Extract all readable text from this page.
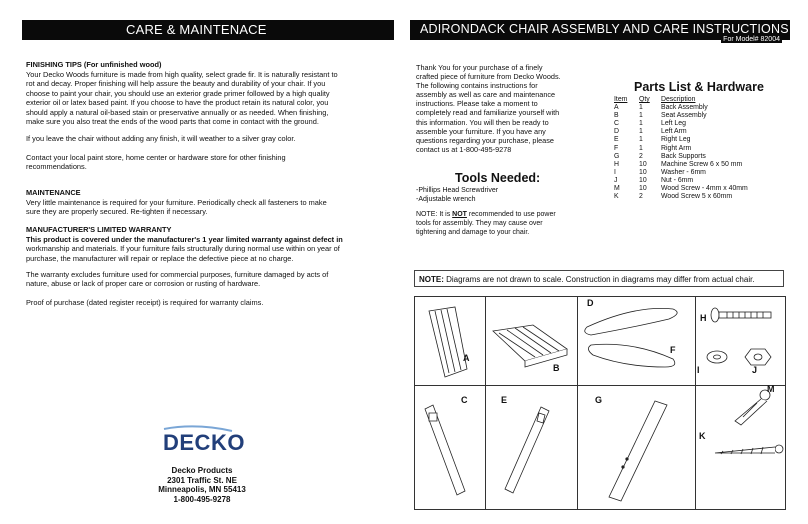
CARE & MAINTENACE	ADIRONDACK CHAIR ASSEMBLY AND CARE INSTRUCTIONS
For Model# 82004
FINISHING TIPS (For unfinished wood)
Your Decko Woods furniture is made from high quality, select grade fir. It is naturally resistant to
rot and decay. Proper finishing will help assure the beauty and durability of your chair. If you
choose to paint your chair, you should use an exterior grade primer followed by a high quality
exterior oil or latex based paint. If you choose to have the product retain its natural color, you
should apply a natural oil-based stain or preservative annually or as needed. When finishing,
make sure you also treat the ends of the wood parts that come in contact with the ground.
If you leave the chair without adding any finish, it will weather to a silver gray color.
Contact your local paint store, home center or hardware store for other finishing
recommendations.
MAINTENANCE
Very little maintenance is required for your furniture. Periodically check all fasteners to make
sure they are properly secured. Re-tighten if necessary.
MANUFACTURER'S LIMITED WARRANTY
This product is covered under the manufacturer's 1 year limited warranty against defect in
workmanship and materials. If your furniture fails structurally during normal use within on year of
purchase, the manufacturer will repair or replace the defective piece at no charge.
The warranty excludes furniture used for commercial purposes, furniture damaged by acts of
nature, abuse or lack of proper care or corrosion or rusting of hardware.
Proof of purchase (dated register receipt) is required for warranty claims.
DECKO
Decko Products
2301 Traffic St. NE
Minneapolis, MN 55413
1-800-495-9278
Thank You for your purchase of a finely
crafted piece of furniture from Decko Woods.
The following contains instructions for
assembly as well as care and maintenance
instructions. Please take a moment to
completely read and familiarize yourself with
this information. You will then be ready to
assemble your furniture. If you have any
questions regarding your purchase, please
contact us at 1-800-495-9278
Tools Needed:
-Phillips Head Screwdriver
-Adjustable wrench
NOTE: It is NOT recommended to use power
tools for assembly. They may cause over
tightening and damage to your chair.
Parts List & Hardware
Item	Qty	Description
A	1	Back Assembly
B	1	Seat Assembly
C	1	Left Leg
D	1	Left Arm
E	1	Right Leg
F	1	Right Arm
G	2	Back Supports
H	10	Machine Screw 6 x 50 mm
I	10	Washer - 6mm
J	10	Nut - 6mm
M	10	Wood Screw - 4mm x 40mm
K	2	Wood Screw 5 x 60mm
NOTE: Diagrams are not drawn to scale. Construction in diagrams may differ from actual chair.
A
B
D
F
H
I	J
C	E	G
M
K
